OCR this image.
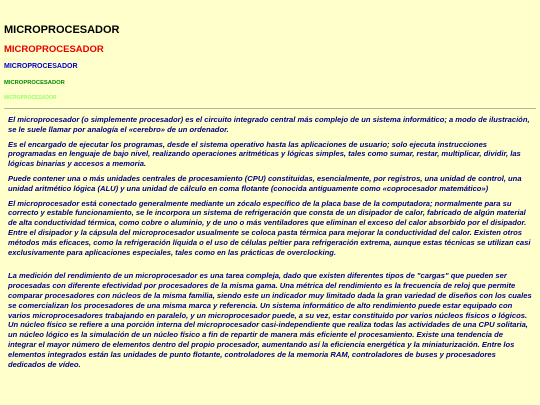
MICROPROCESADOR

MICROPROCESADOR
MICROPROCESADOR
MICROPROCESADOR
MICROPROCESADOR
MICROPROCESADOR

El microprocesador (o simplemente procesador) es el circuito integrado central más complejo de un sistema informático; a modo de ilustración, se le suele llamar por analogía el «cerebro» de un ordenador.

Es el encargado de ejecutar los programas, desde el sistema operativo hasta las aplicaciones de usuario; solo ejecuta instrucciones programadas en lenguaje de bajo nivel, realizando operaciones aritméticas y lógicas simples, tales como sumar, restar, multiplicar, dividir, las lógicas binarias y accesos a memoria.

Puede contener una o más unidades centrales de procesamiento (CPU) constituidas, esencialmente, por registros, una unidad de control, una unidad aritmético lógica (ALU) y una unidad de cálculo en coma flotante (conocida antiguamente como «coprocesador matemático»)

El microprocesador está conectado generalmente mediante un zócalo específico de la placa base de la computadora; normalmente para su correcto y estable funcionamiento, se le incorpora un sistema de refrigeración que consta de un disipador de calor, fabricado de algún material de alta conductividad térmica, como cobre o aluminio, y de uno o más ventiladores que eliminan el exceso del calor absorbido por el disipador. Entre el disipador y la cápsula del microprocesador usualmente se coloca pasta térmica para mejorar la conductividad del calor. Existen otros métodos más eficaces, como la refrigeración líquida o el uso de células peltier para refrigeración extrema, aunque estas técnicas se utilizan casi exclusivamente para aplicaciones especiales, tales como en las prácticas de overclocking.

La medición del rendimiento de un microprocesador es una tarea compleja, dado que existen diferentes tipos de "cargas" que pueden ser procesadas con diferente efectividad por procesadores de la misma gama. Una métrica del rendimiento es la frecuencia de reloj que permite comparar procesadores con núcleos de la misma familia, siendo este un indicador muy limitado dada la gran variedad de diseños con los cuales se comercializan los procesadores de una misma marca y referencia. Un sistema informático de alto rendimiento puede estar equipado con varios microprocesadores trabajando en paralelo, y un microprocesador puede, a su vez, estar constituido por varios núcleos físicos o lógicos. Un núcleo físico se refiere a una porción interna del microprocesador casi-independiente que realiza todas las actividades de una CPU solitaria, un núcleo lógico es la simulación de un núcleo físico a fin de repartir de manera más eficiente el procesamiento. Existe una tendencia de integrar el mayor número de elementos dentro del propio procesador, aumentando así la eficiencia energética y la miniaturización. Entre los elementos integrados están las unidades de punto flotante, controladores de la memoria RAM, controladores de buses y procesadores dedicados de vídeo.
